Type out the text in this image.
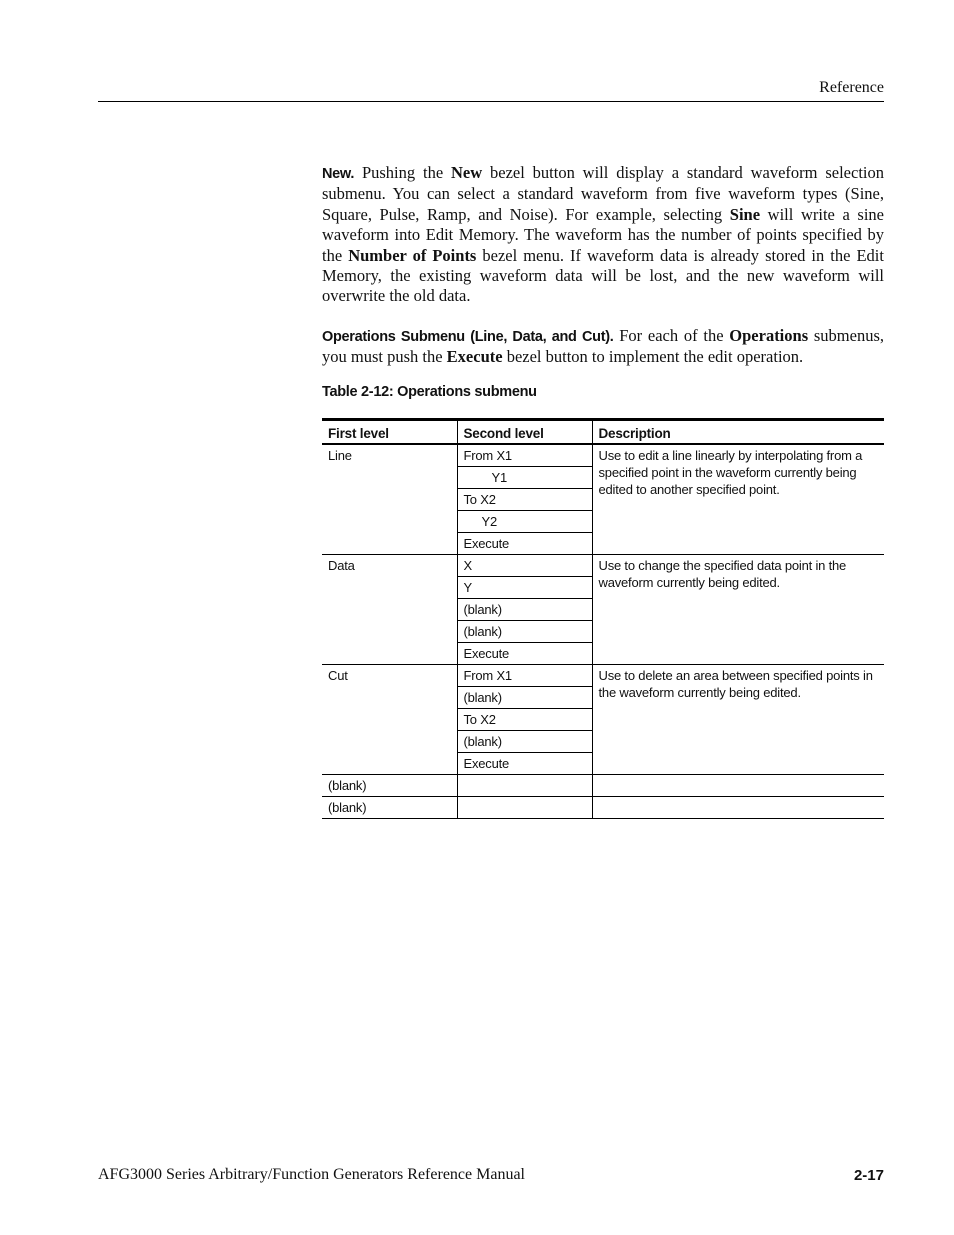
Reference

New. Pushing the New bezel button will display a standard waveform selection submenu. You can select a standard waveform from five waveform types (Sine, Square, Pulse, Ramp, and Noise). For example, selecting Sine will write a sine waveform into Edit Memory. The waveform has the number of points specified by the Number of Points bezel menu. If waveform data is already stored in the Edit Memory, the existing waveform data will be lost, and the new waveform will overwrite the old data.

Operations Submenu (Line, Data, and Cut). For each of the Operations submenus, you must push the Execute bezel button to implement the edit operation.

Table 2-12: Operations submenu
First level	Second level	Description
Line	From X1	Use to edit a line linearly by interpolating from a specified point in the waveform currently being edited to another specified point.
	Y1	
	To X2	
	Y2	
	Execute	
Data	X	Use to change the specified data point in the waveform currently being edited.
	Y	
	(blank)	
	(blank)	
	Execute	
Cut	From X1	Use to delete an area between specified points in the waveform currently being edited.
	(blank)	
	To X2	
	(blank)	
	Execute	
(blank)		
(blank)		
AFG3000 Series Arbitrary/Function Generators Reference Manual	2-17
